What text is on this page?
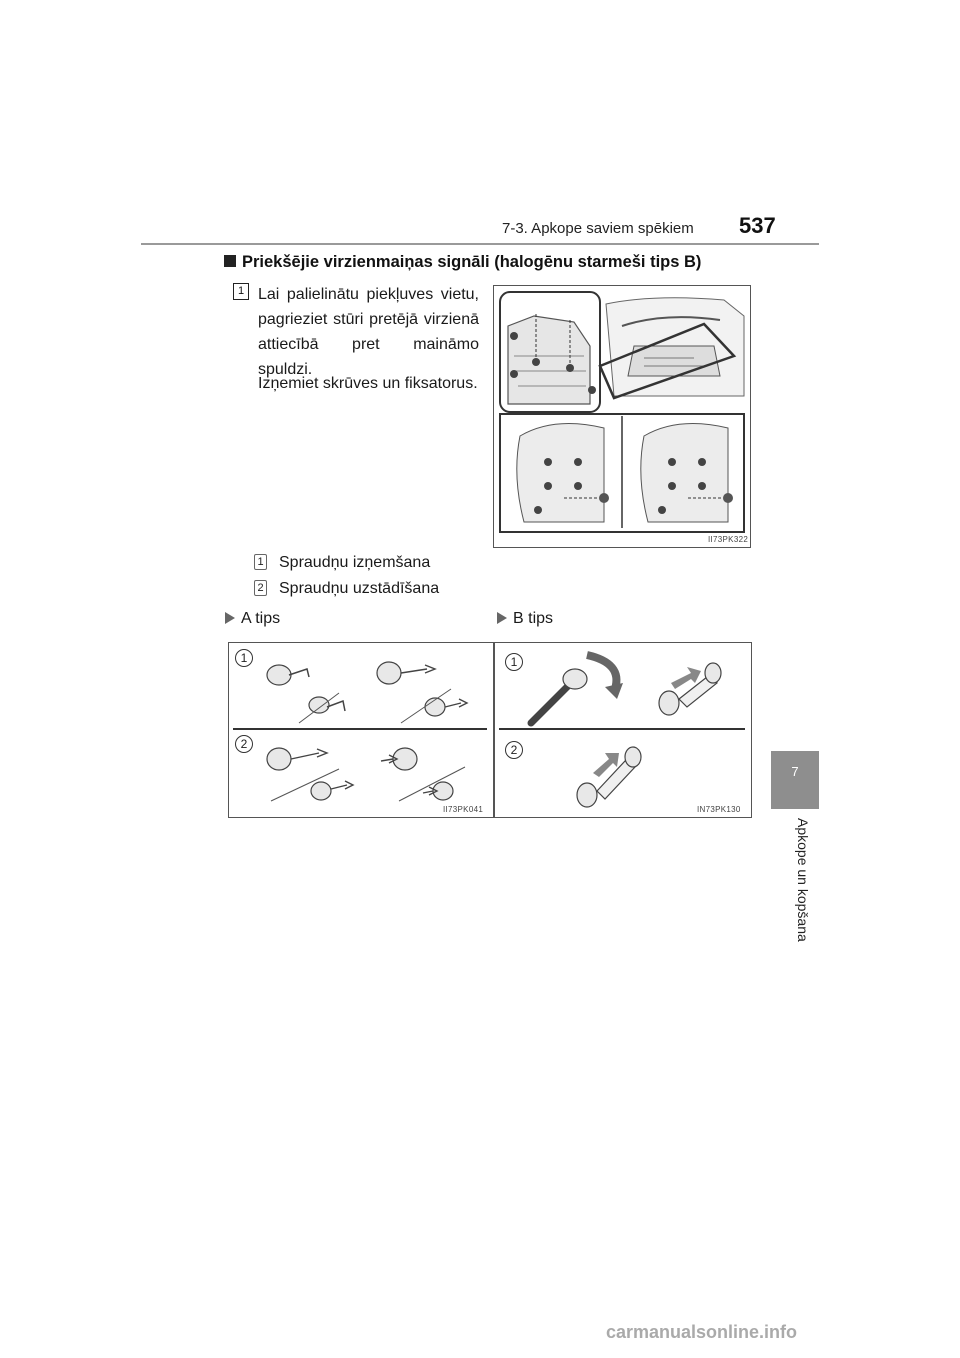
7-3. Apkope saviem spēkiem 537
7
Apkope un kopšana
Priekšējie virzienmaiņas signāli (halogēnu starmeši tips B)
1 Lai palielinātu piekļuves vietu, pagrieziet stūri pretējā virzienā attiecībā pret maināmo spuldzi.
Izņemiet skrūves un fiksatorus.
II73PK322
1 Spraudņu izņemšana
2 Spraudņu uzstādīšana
A tips	B tips
1
2
II73PK041
1
2
IN73PK130
carmanualsonline.info
